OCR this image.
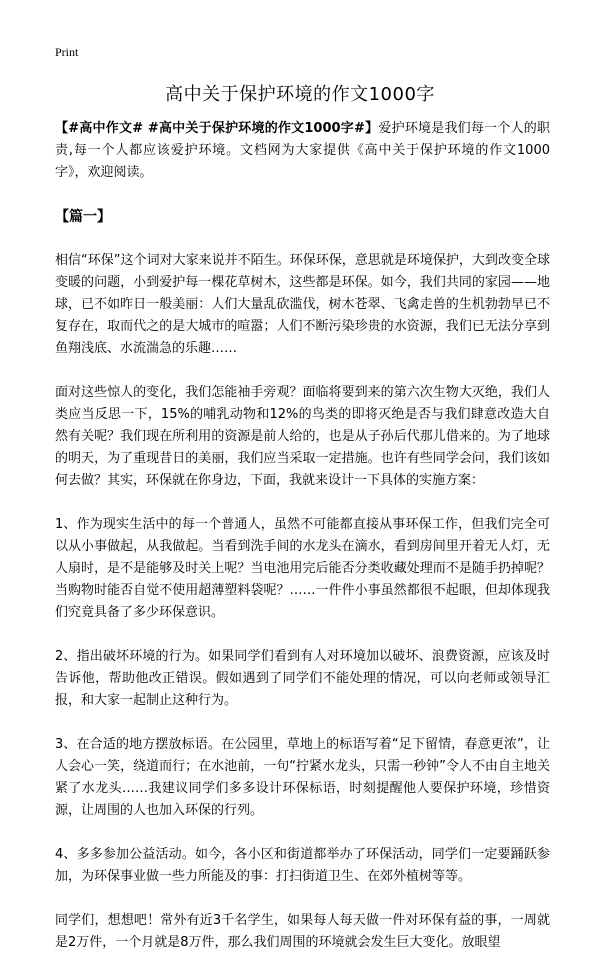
Print
高中关于保护环境的作文1000字

【#高中作文# #高中关于保护环境的作文1000字#】爱护环境是我们每一个人的职责,每一个人都应该爱护环境。文档网为大家提供《高中关于保护环境的作文1000字》，欢迎阅读。

【篇一】

相信“环保”这个词对大家来说并不陌生。环保环保，意思就是环境保护，大到改变全球变暖的问题，小到爱护每一棵花草树木，这些都是环保。如今，我们共同的家园——地球，已不如昨日一般美丽：人们大量乱砍滥伐，树木苍翠、飞禽走兽的生机勃勃早已不复存在，取而代之的是大城市的喧嚣；人们不断污染珍贵的水资源，我们已无法分享到鱼翔浅底、水流湍急的乐趣……

面对这些惊人的变化，我们怎能袖手旁观？面临将要到来的第六次生物大灭绝，我们人类应当反思一下，15%的哺乳动物和12%的鸟类的即将灭绝是否与我们肆意改造大自然有关呢？我们现在所利用的资源是前人给的，也是从子孙后代那儿借来的。为了地球的明天，为了重现昔日的美丽，我们应当采取一定措施。也许有些同学会问，我们该如何去做？其实，环保就在你身边，下面，我就来设计一下具体的实施方案：

1、作为现实生活中的每一个普通人，虽然不可能都直接从事环保工作，但我们完全可以从小事做起，从我做起。当看到洗手间的水龙头在滴水，看到房间里开着无人灯，无人扇时，是不是能够及时关上呢？当电池用完后能否分类收藏处理而不是随手扔掉呢？当购物时能否自觉不使用超薄塑料袋呢？……一件件小事虽然都很不起眼，但却体现我们究竟具备了多少环保意识。

2、指出破坏环境的行为。如果同学们看到有人对环境加以破坏、浪费资源，应该及时告诉他，帮助他改正错误。假如遇到了同学们不能处理的情况，可以向老师或领导汇报，和大家一起制止这种行为。

3、在合适的地方摆放标语。在公园里，草地上的标语写着“足下留情，春意更浓”，让人会心一笑，绕道而行；在水池前，一句“拧紧水龙头，只需一秒钟”令人不由自主地关紧了水龙头……我建议同学们多多设计环保标语，时刻提醒他人要保护环境，珍惜资源，让周围的人也加入环保的行列。

4、多多参加公益活动。如今，各小区和街道都举办了环保活动，同学们一定要踊跃参加，为环保事业做一些力所能及的事：打扫街道卫生、在郊外植树等等。

同学们，想想吧！常外有近3千名学生，如果每人每天做一件对环保有益的事，一周就是2万件，一个月就是8万件，那么我们周围的环境就会发生巨大变化。放眼望
